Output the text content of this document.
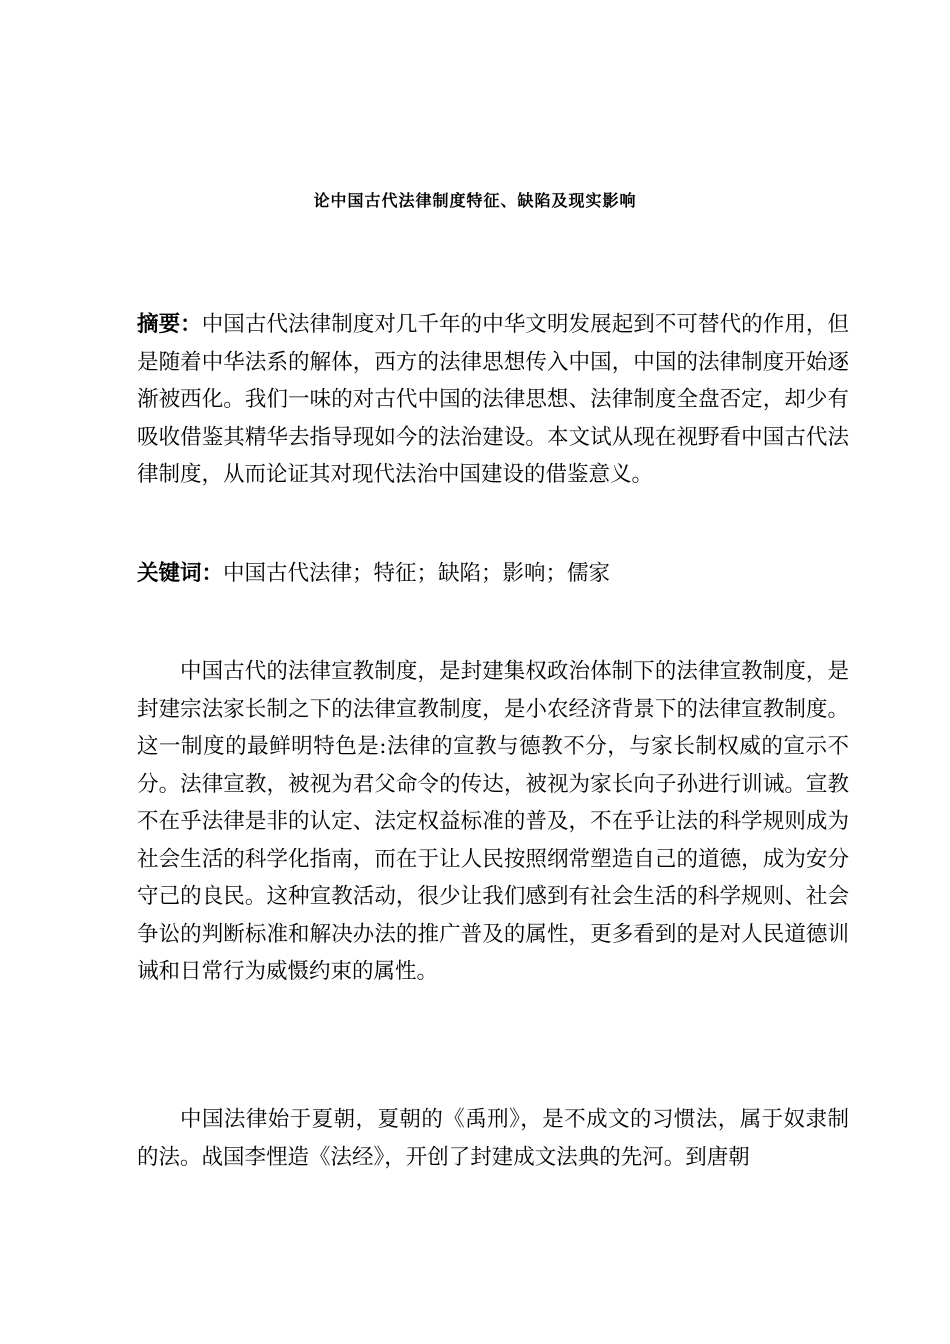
论中国古代法律制度特征、缺陷及现实影响

摘要：中国古代法律制度对几千年的中华文明发展起到不可替代的作用，但是随着中华法系的解体，西方的法律思想传入中国，中国的法律制度开始逐渐被西化。我们一味的对古代中国的法律思想、法律制度全盘否定，却少有吸收借鉴其精华去指导现如今的法治建设。本文试从现在视野看中国古代法律制度，从而论证其对现代法治中国建设的借鉴意义。

关键词：中国古代法律；特征；缺陷；影响；儒家

中国古代的法律宣教制度，是封建集权政治体制下的法律宣教制度，是封建宗法家长制之下的法律宣教制度，是小农经济背景下的法律宣教制度。这一制度的最鲜明特色是:法律的宣教与德教不分，与家长制权威的宣示不分。法律宣教，被视为君父命令的传达，被视为家长向子孙进行训诫。宣教不在乎法律是非的认定、法定权益标准的普及，不在乎让法的科学规则成为社会生活的科学化指南，而在于让人民按照纲常塑造自己的道德，成为安分守己的良民。这种宣教活动，很少让我们感到有社会生活的科学规则、社会争讼的判断标准和解决办法的推广普及的属性，更多看到的是对人民道德训诫和日常行为威慑约束的属性。

中国法律始于夏朝，夏朝的《禹刑》，是不成文的习惯法，属于奴隶制的法。战国李悝造《法经》，开创了封建成文法典的先河。到唐朝
